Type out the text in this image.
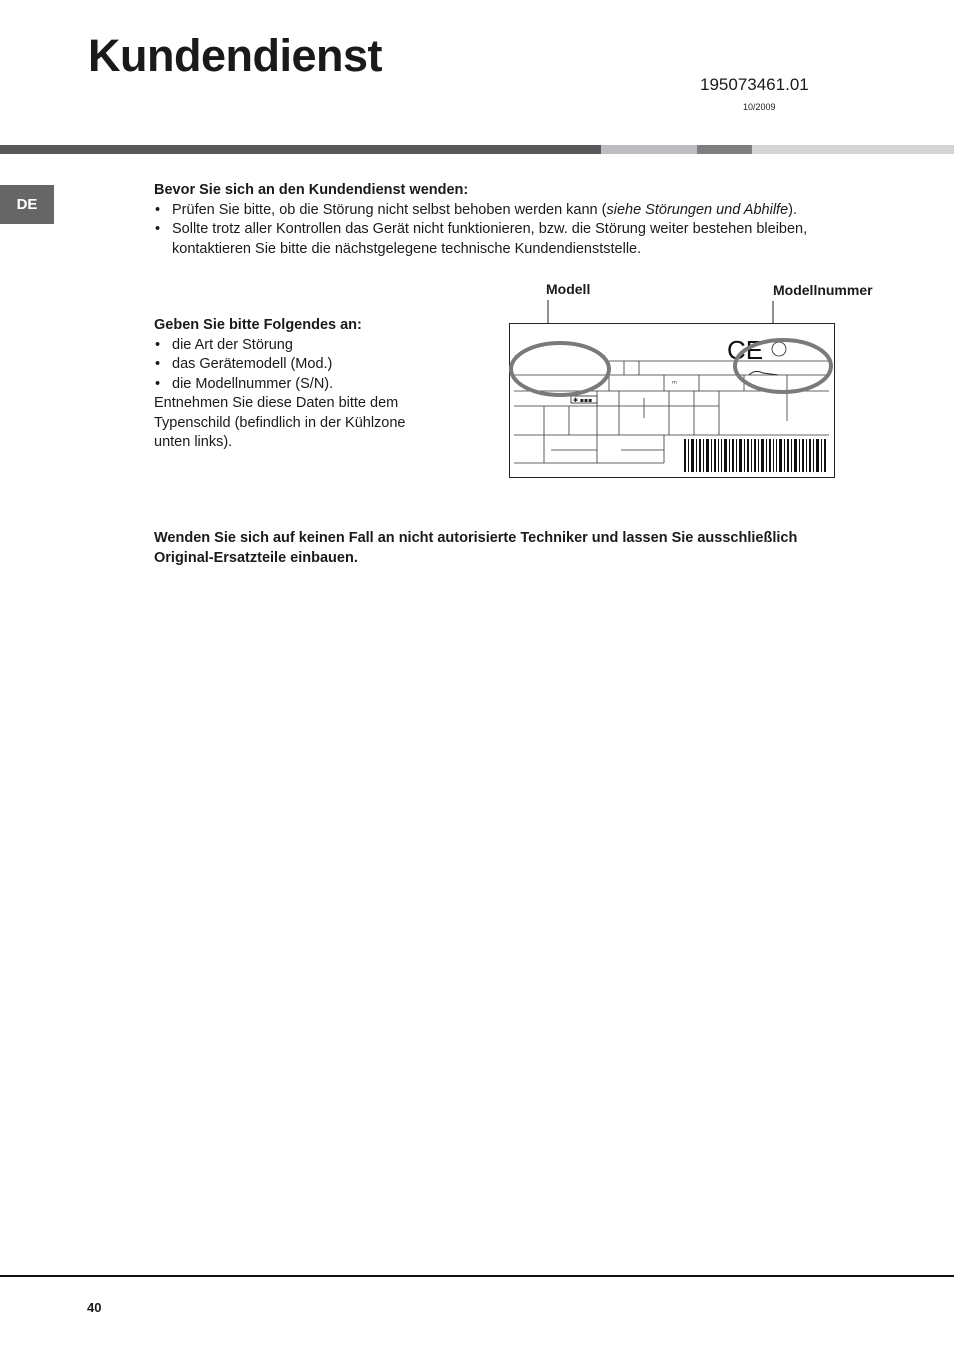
Kundendienst
195073461.01
10/2009
DE
Bevor Sie sich an den Kundendienst wenden:
• Prüfen Sie bitte, ob die Störung nicht selbst behoben werden kann (siehe Störungen und Abhilfe).
• Sollte trotz aller Kontrollen das Gerät nicht funktionieren, bzw. die Störung weiter bestehen bleiben,
kontaktieren Sie bitte die nächstgelegene technische Kundendienststelle.
Geben Sie bitte Folgendes an:
• die Art der Störung
• das Gerätemodell (Mod.)
• die Modellnummer (S/N).
Entnehmen Sie diese Daten bitte dem
Typenschild (befindlich in der Kühlzone
unten links).
Modell	Modellnummer
✱ ▪▪▪
ᵐ
CE
Wenden Sie sich auf keinen Fall an nicht autorisierte Techniker und lassen Sie ausschließlich
Original-Ersatzteile einbauen.
40
